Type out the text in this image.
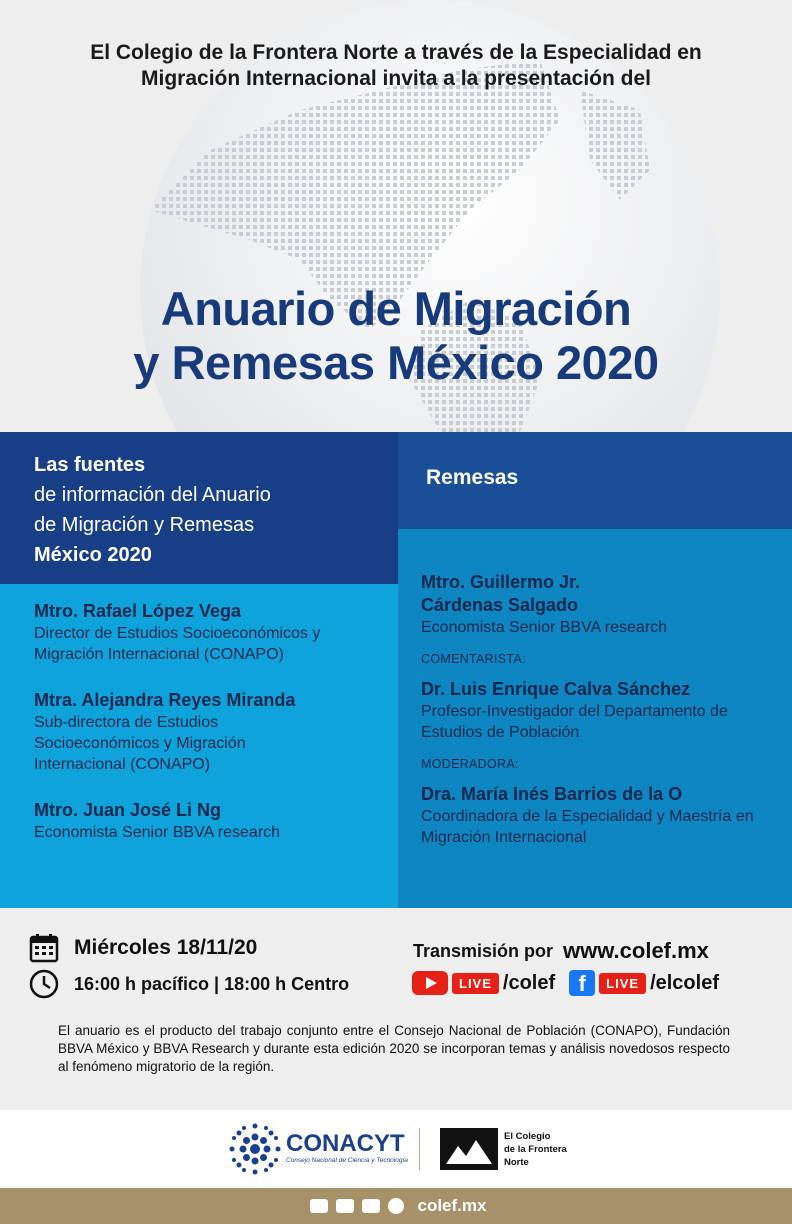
El Colegio de la Frontera Norte a través de la Especialidad en
Migración Internacional invita a la presentación del
Anuario de Migración
y Remesas México 2020
Las fuentes
de información del Anuario
de Migración y Remesas
México 2020
Mtro. Rafael López Vega
Director de Estudios Socioeconómicos y Migración Internacional (CONAPO)
Mtra. Alejandra Reyes Miranda
Sub-directora de Estudios Socioeconómicos y Migración Internacional (CONAPO)
Mtro. Juan José Li Ng
Economista Senior BBVA research
Remesas
Mtro. Guillermo Jr.
Cárdenas Salgado
Economista Senior BBVA research
COMENTARISTA:
Dr. Luis Enrique Calva Sánchez
Profesor-Investigador del Departamento de Estudios de Población
MODERADORA:
Dra. María Inés Barrios de la O
Coordinadora de la Especialidad y Maestría en Migración Internacional
Miércoles 18/11/20
16:00 h pacífico | 18:00 h Centro
Transmisión por www.colef.mx
LIVE /colef	f	LIVE /elcolef
El anuario es el producto del trabajo conjunto entre el Consejo Nacional de Población (CONAPO), Fundación BBVA México y BBVA Research y durante esta edición 2020 se incorporan temas y análisis novedosos respecto al fenómeno migratorio de la región.
CONACYT
Consejo Nacional de Ciencia y Tecnología
El Colegio
de la Frontera
Norte
colef.mx
